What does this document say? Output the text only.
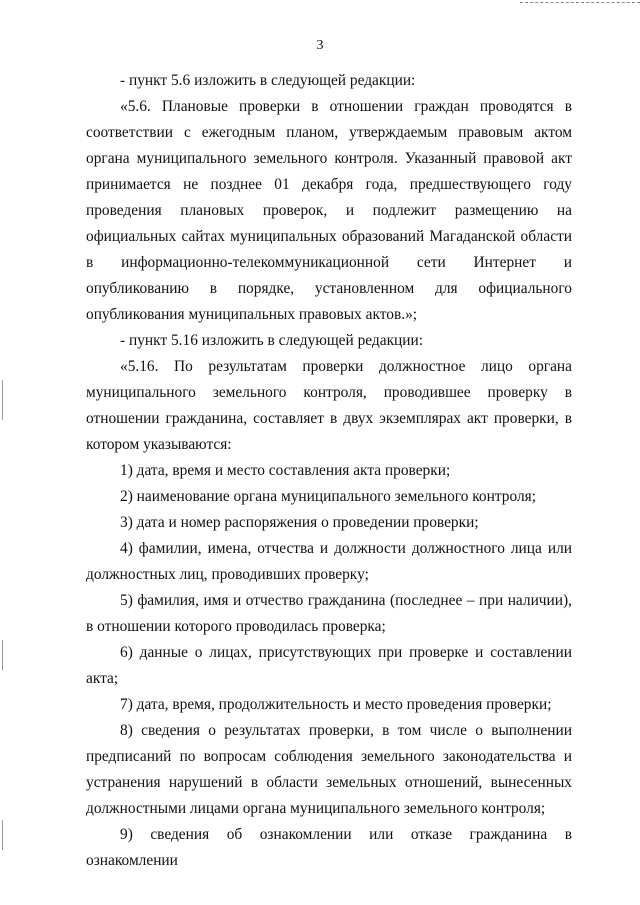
3

- пункт 5.6 изложить в следующей редакции:

«5.6. Плановые проверки в отношении граждан проводятся в соответствии с ежегодным планом, утверждаемым правовым актом органа муниципального земельного контроля. Указанный правовой акт принимается не позднее 01 декабря года, предшествующего году проведения плановых проверок, и подлежит размещению на официальных сайтах муниципальных образований Магаданской области в информационно-телекоммуникационной сети Интернет и опубликованию в порядке, установленном для официального опубликования муниципальных правовых актов.»;

- пункт 5.16 изложить в следующей редакции:

«5.16. По результатам проверки должностное лицо органа муниципального земельного контроля, проводившее проверку в отношении гражданина, составляет в двух экземплярах акт проверки, в котором указываются:

1) дата, время и место составления акта проверки;

2) наименование органа муниципального земельного контроля;

3) дата и номер распоряжения о проведении проверки;

4) фамилии, имена, отчества и должности должностного лица или должностных лиц, проводивших проверку;

5) фамилия, имя и отчество гражданина (последнее – при наличии), в отношении которого проводилась проверка;

6) данные о лицах, присутствующих при проверке и составлении акта;

7) дата, время, продолжительность и место проведения проверки;

8) сведения о результатах проверки, в том числе о выполнении предписаний по вопросам соблюдения земельного законодательства и устранения нарушений в области земельных отношений, вынесенных должностными лицами органа муниципального земельного контроля;

9) сведения об ознакомлении или отказе гражданина в ознакомлении
